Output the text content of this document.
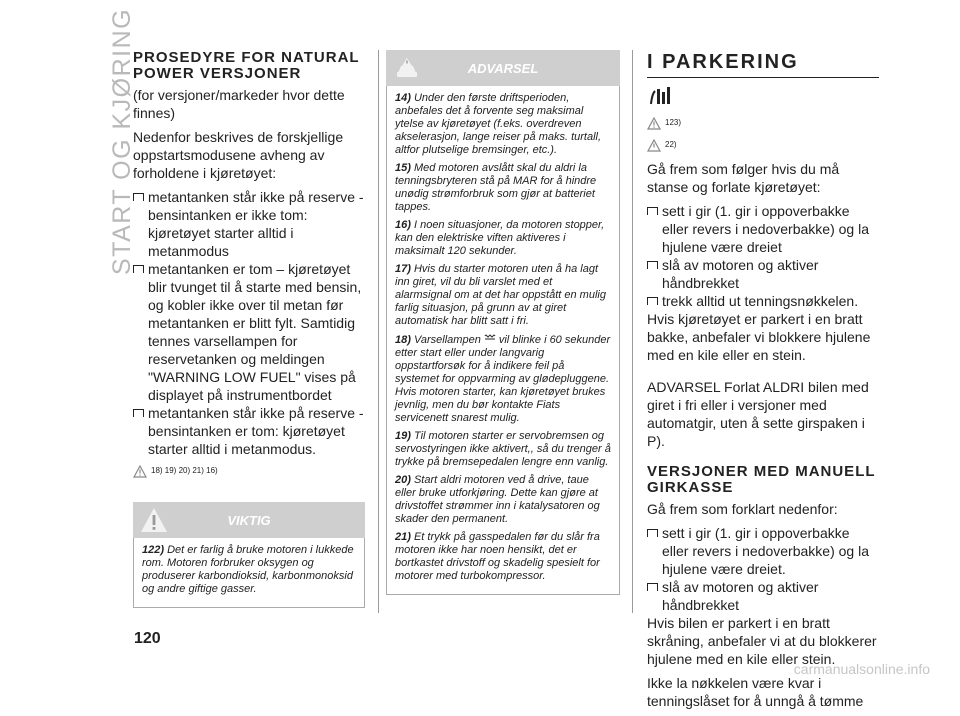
START OG KJØRING
PROSEDYRE FOR NATURAL POWER VERSJONER

(for versjoner/markeder hvor dette finnes)

Nedenfor beskrives de forskjellige oppstartsmodusene avheng av forholdene i kjøretøyet:

metantanken står ikke på reserve - bensintanken er ikke tom: kjøretøyet starter alltid i metanmodus
metantanken er tom – kjøretøyet blir tvunget til å starte med bensin, og kobler ikke over til metan før metantanken er blitt fylt. Samtidig tennes varsellampen for reservetanken og meldingen "WARNING LOW FUEL" vises på displayet på instrumentbordet
metantanken står ikke på reserve - bensintanken er tom: kjøretøyet starter alltid i metanmodus.
18) 19) 20) 21) 16)
VIKTIG

122) Det er farlig å bruke motoren i lukkede rom. Motoren forbruker oksygen og produserer karbondioksid, karbonmonoksid og andre giftige gasser.

ADVARSEL

14) Under den første driftsperioden, anbefales det å forvente seg maksimal ytelse av kjøretøyet (f.eks. overdreven akselerasjon, lange reiser på maks. turtall, altfor plutselige bremsinger, etc.).

15) Med motoren avslått skal du aldri la tenningsbryteren stå på MAR for å hindre unødig strømforbruk som gjør at batteriet tappes.

16) I noen situasjoner, da motoren stopper, kan den elektriske viften aktiveres i maksimalt 120 sekunder.

17) Hvis du starter motoren uten å ha lagt inn giret, vil du bli varslet med et alarmsignal om at det har oppstått en mulig farlig situasjon, på grunn av at giret automatisk har blitt satt i fri.

18) Varsellampen vil blinke i 60 sekunder etter start eller under langvarig oppstartforsøk for å indikere feil på systemet for oppvarming av glødepluggene. Hvis motoren starter, kan kjøretøyet brukes jevnlig, men du bør kontakte Fiats servicenett snarest mulig.

19) Til motoren starter er servobremsen og servostyringen ikke aktivert,, så du trenger å trykke på bremsepedalen lengre enn vanlig.

20) Start aldri motoren ved å drive, taue eller bruke utforkjøring. Dette kan gjøre at drivstoffet strømmer inn i katalysatoren og skader den permanent.

21) Et trykk på gasspedalen før du slår fra motoren ikke har noen hensikt, det er bortkastet drivstoff og skadelig spesielt for motorer med turbokompressor.

I PARKERING
123)
22)

Gå frem som følger hvis du må stanse og forlate kjøretøyet:

sett i gir (1. gir i oppoverbakke eller revers i nedoverbakke) og la hjulene være dreiet
slå av motoren og aktiver håndbrekket
trekk alltid ut tenningsnøkkelen.

Hvis kjøretøyet er parkert i en bratt bakke, anbefaler vi blokkere hjulene med en kile eller en stein.

ADVARSEL Forlat ALDRI bilen med giret i fri eller i versjoner med automatgir, uten å sette girspaken i P).

VERSJONER MED MANUELL GIRKASSE

Gå frem som forklart nedenfor:

sett i gir (1. gir i oppoverbakke eller revers i nedoverbakke) og la hjulene være dreiet.
slå av motoren og aktiver håndbrekket

Hvis bilen er parkert i en bratt skråning, anbefaler vi at du blokkerer hjulene med en kile eller stein.

Ikke la nøkkelen være kvar i tenningslåset for å unngå å tømme

120
carmanualsonline.info
